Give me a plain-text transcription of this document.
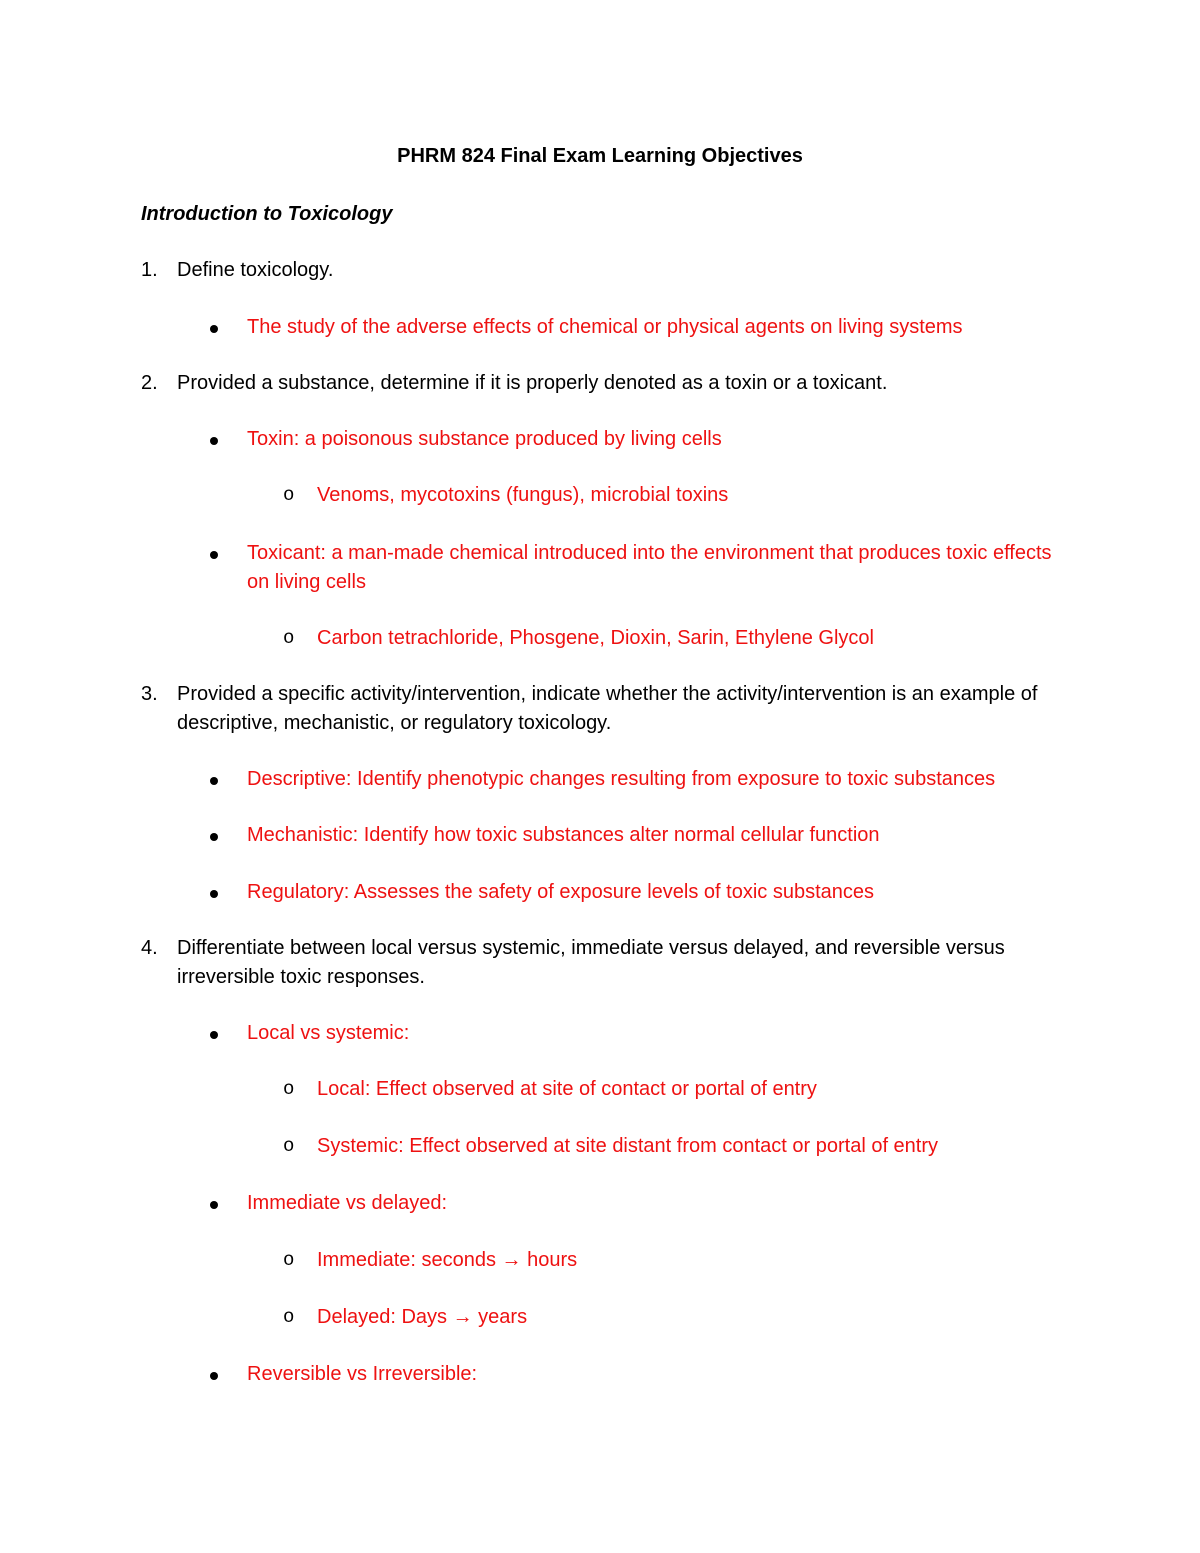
PHRM 824 Final Exam Learning Objectives
Introduction to Toxicology
1. Define toxicology.
The study of the adverse effects of chemical or physical agents on living systems
2. Provided a substance, determine if it is properly denoted as a toxin or a toxicant.
Toxin: a poisonous substance produced by living cells
o Venoms, mycotoxins (fungus), microbial toxins
Toxicant: a man-made chemical introduced into the environment that produces toxic effects on living cells
o Carbon tetrachloride, Phosgene, Dioxin, Sarin, Ethylene Glycol
3. Provided a specific activity/intervention, indicate whether the activity/intervention is an example of descriptive, mechanistic, or regulatory toxicology.
Descriptive: Identify phenotypic changes resulting from exposure to toxic substances
Mechanistic: Identify how toxic substances alter normal cellular function
Regulatory: Assesses the safety of exposure levels of toxic substances
4. Differentiate between local versus systemic, immediate versus delayed, and reversible versus irreversible toxic responses.
Local vs systemic:
o Local: Effect observed at site of contact or portal of entry
o Systemic: Effect observed at site distant from contact or portal of entry
Immediate vs delayed:
o Immediate: seconds → hours
o Delayed: Days → years
Reversible vs Irreversible:
